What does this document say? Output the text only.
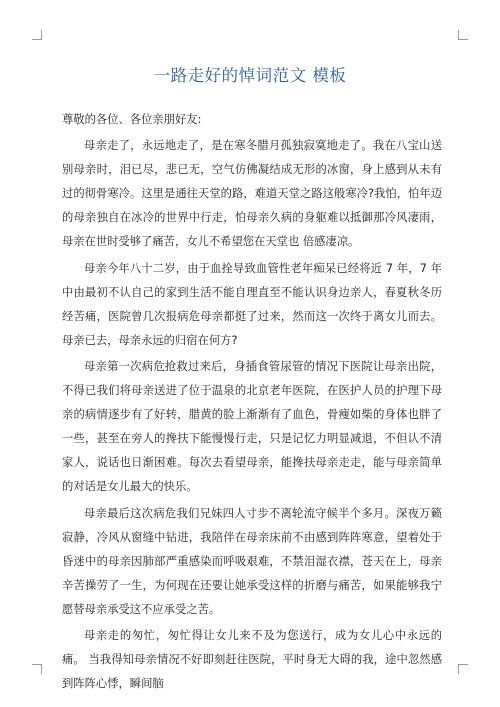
一路走好的悼词范文 模板

尊敬的各位、各位亲朋好友:

母亲走了，永远地走了，是在寒冬腊月孤独寂寞地走了。我在八宝山送别母亲时，泪已尽，悲已无，空气仿佛凝结成无形的冰窗，身上感到从未有过的彻骨寒冷。这里是通往天堂的路，难道天堂之路这般寒冷?我怕，怕年迈的母亲独自在冰冷的世界中行走，怕母亲久病的身躯难以抵御那冷风凄雨，母亲在世时受够了痛苦，女儿不希望您在天堂也 倍感凄凉。

母亲今年八十二岁，由于血拴导致血管性老年痴呆已经将近 7 年，7 年中由最初不认自己的家到生活不能自理直至不能认识身边亲人，春夏秋冬历经苦痛，医院曾几次报病危母亲都挺了过来，然而这一次终于离女儿而去。母亲已去，母亲永远的归宿在何方?

母亲第一次病危抢救过来后，身插食管尿管的情况下医院让母亲出院，不得已我们将母亲送进了位于温泉的北京老年医院，在医护人员的护理下母亲的病情逐步有了好转，腊黄的脸上渐渐有了血色，骨瘦如柴的身体也胖了一些，甚至在旁人的搀扶下能慢慢行走，只是记忆力明显减退，不但认不清家人，说话也日渐困难。每次去看望母亲，能搀扶母亲走走，能与母亲简单的对话是女儿最大的快乐。

母亲最后这次病危我们兄妹四人寸步不离轮流守候半个多月。深夜万籁寂静，冷风从窗缝中钻进，我陪伴在母亲床前不由感到阵阵寒意，望着处于昏迷中的母亲因肺部严重感染而呼吸艰难，不禁泪湿衣襟，苍天在上，母亲辛苦操劳了一生，为何现在还要让她承受这样的折磨与痛苦，如果能够我宁愿替母亲承受这不应承受之苦。

母亲走的匆忙，匆忙得让女儿来不及为您送行，成为女儿心中永远的痛。 当我得知母亲情况不好即刻赶往医院，平时身无大碍的我，途中忽然感到阵阵心悸，瞬间脑
